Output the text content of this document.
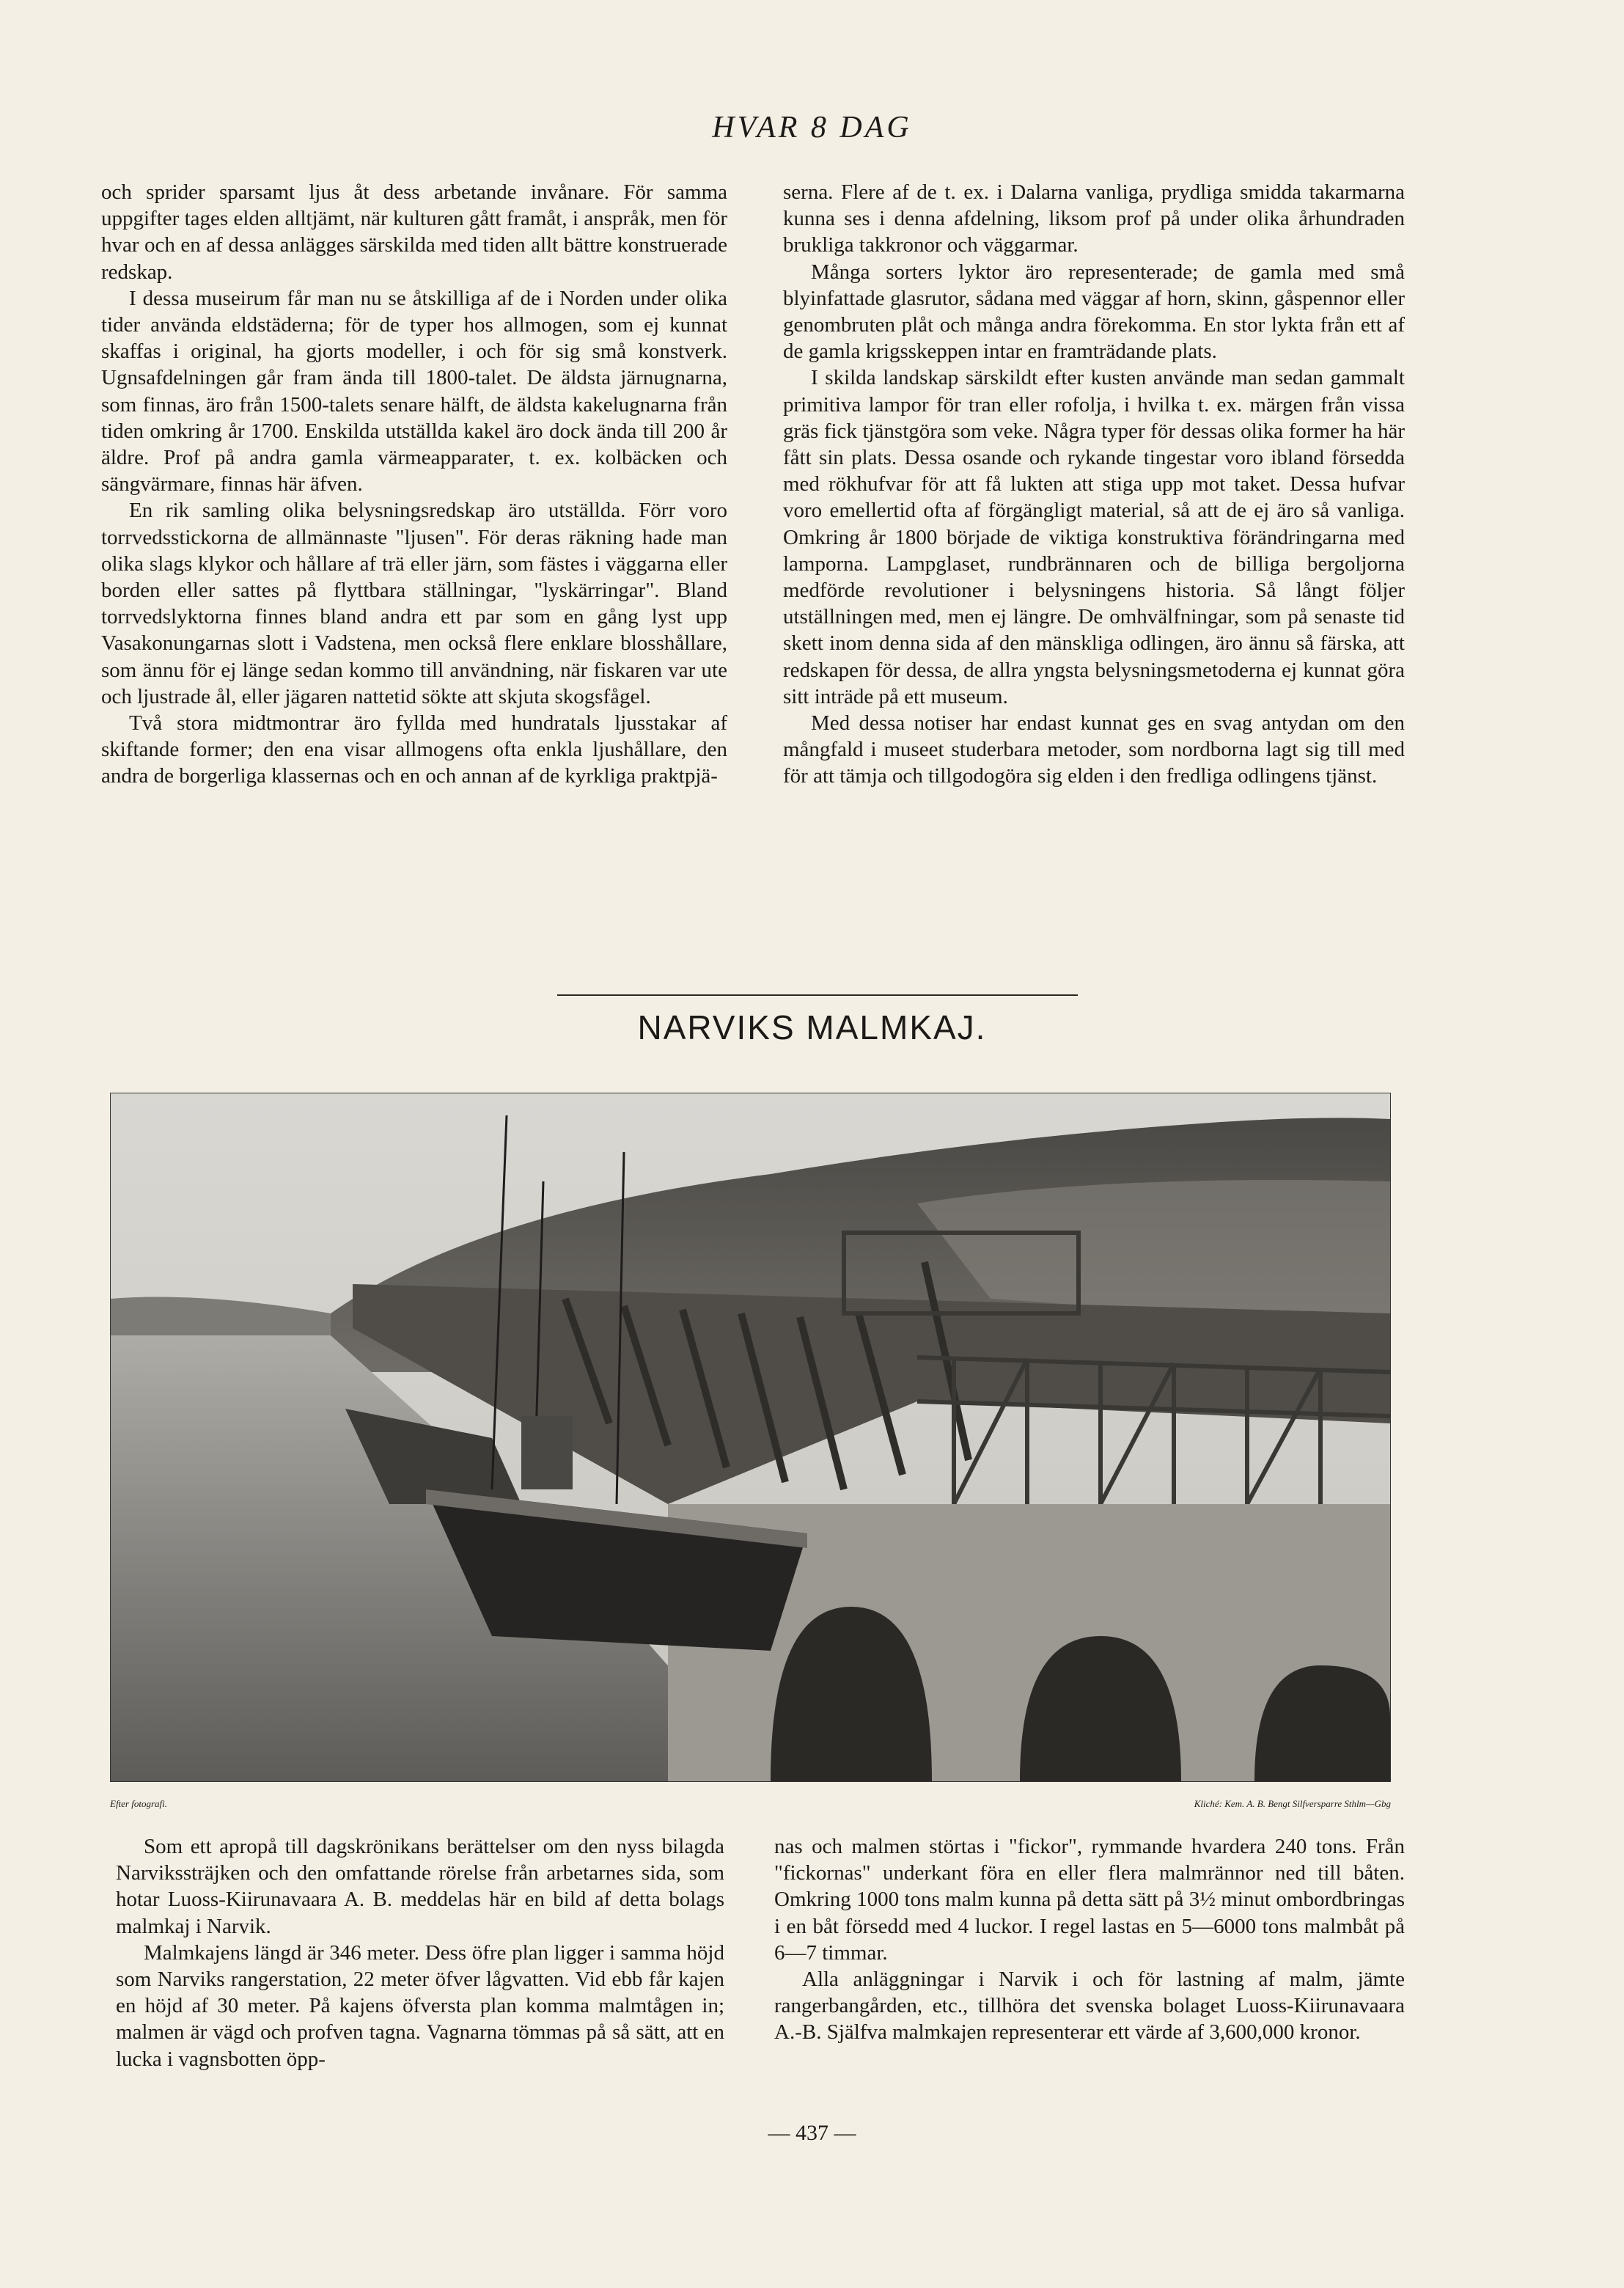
HVAR 8 DAG

och sprider sparsamt ljus åt dess arbetande invånare. För samma uppgifter tages elden alltjämt, när kulturen gått framåt, i anspråk, men för hvar och en af dessa anlägges särskilda med tiden allt bättre konstruerade redskap.

I dessa museirum får man nu se åtskilliga af de i Norden under olika tider använda eldstäderna; för de typer hos allmogen, som ej kunnat skaffas i original, ha gjorts modeller, i och för sig små konstverk. Ugnsafdelningen går fram ända till 1800-talet. De äldsta järnugnarna, som finnas, äro från 1500-talets senare hälft, de äldsta kakelugnarna från tiden omkring år 1700. Enskilda utställda kakel äro dock ända till 200 år äldre. Prof på andra gamla värmeapparater, t. ex. kolbäcken och sängvärmare, finnas här äfven.

En rik samling olika belysningsredskap äro utställda. Förr voro torrvedsstickorna de allmännaste "ljusen". För deras räkning hade man olika slags klykor och hållare af trä eller järn, som fästes i väggarna eller borden eller sattes på flyttbara ställningar, "lyskärringar". Bland torrvedslyktorna finnes bland andra ett par som en gång lyst upp Vasakonungarnas slott i Vadstena, men också flere enklare blosshållare, som ännu för ej länge sedan kommo till användning, när fiskaren var ute och ljustrade ål, eller jägaren nattetid sökte att skjuta skogsfågel.

Två stora midtmontrar äro fyllda med hundratals ljusstakar af skiftande former; den ena visar allmogens ofta enkla ljushållare, den andra de borgerliga klassernas och en och annan af de kyrkliga praktpjä-

serna. Flere af de t. ex. i Dalarna vanliga, prydliga smidda takarmarna kunna ses i denna afdelning, liksom prof på under olika århundraden brukliga takkronor och väggarmar.

Många sorters lyktor äro representerade; de gamla med små blyinfattade glasrutor, sådana med väggar af horn, skinn, gåspennor eller genombruten plåt och många andra förekomma. En stor lykta från ett af de gamla krigsskeppen intar en framträdande plats.

I skilda landskap särskildt efter kusten använde man sedan gammalt primitiva lampor för tran eller rofolja, i hvilka t. ex. märgen från vissa gräs fick tjänstgöra som veke. Några typer för dessas olika former ha här fått sin plats. Dessa osande och rykande tingestar voro ibland försedda med rökhufvar för att få lukten att stiga upp mot taket. Dessa hufvar voro emellertid ofta af förgängligt material, så att de ej äro så vanliga. Omkring år 1800 började de viktiga konstruktiva förändringarna med lamporna. Lampglaset, rundbrännaren och de billiga bergoljorna medförde revolutioner i belysningens historia. Så långt följer utställningen med, men ej längre. De omhvälfningar, som på senaste tid skett inom denna sida af den mänskliga odlingen, äro ännu så färska, att redskapen för dessa, de allra yngsta belysningsmetoderna ej kunnat göra sitt inträde på ett museum.

Med dessa notiser har endast kunnat ges en svag antydan om den mångfald i museet studerbara metoder, som nordborna lagt sig till med för att tämja och tillgodogöra sig elden i den fredliga odlingens tjänst.

NARVIKS MALMKAJ.
Efter fotografi.	Kliché: Kem. A. B. Bengt Silfversparre Sthlm—Gbg

Som ett apropå till dagskrönikans berättelser om den nyss bilagda Narvikssträjken och den omfattande rörelse från arbetarnes sida, som hotar Luoss-Kiirunavaara A. B. meddelas här en bild af detta bolags malmkaj i Narvik.

Malmkajens längd är 346 meter. Dess öfre plan ligger i samma höjd som Narviks rangerstation, 22 meter öfver lågvatten. Vid ebb får kajen en höjd af 30 meter. På kajens öfversta plan komma malmtågen in; malmen är vägd och profven tagna. Vagnarna tömmas på så sätt, att en lucka i vagnsbotten öpp-

nas och malmen störtas i "fickor", rymmande hvardera 240 tons. Från "fickornas" underkant föra en eller flera malmrännor ned till båten. Omkring 1000 tons malm kunna på detta sätt på 3½ minut ombordbringas i en båt försedd med 4 luckor. I regel lastas en 5—6000 tons malmbåt på 6—7 timmar.

Alla anläggningar i Narvik i och för lastning af malm, jämte rangerbangården, etc., tillhöra det svenska bolaget Luoss-Kiirunavaara A.-B. Själfva malmkajen representerar ett värde af 3,600,000 kronor.

— 437 —
